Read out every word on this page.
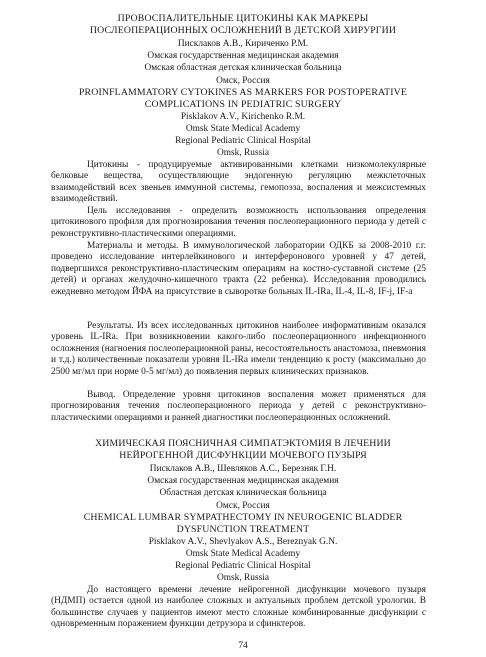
ПРОВОСПАЛИТЕЛЬНЫЕ ЦИТОКИНЫ КАК МАРКЕРЫ
ПОСЛЕОПЕРАЦИОННЫХ ОСЛОЖНЕНИЙ В ДЕТСКОЙ ХИРУРГИИ
Писклаков А.В., Кириченко Р.М.
Омская государственная медицинская академия
Омская областная детская клиническая больница
Омск, Россия
PROINFLAMMATORY CYTOKINES AS MARKERS FOR POSTOPERATIVE
COMPLICATIONS IN PEDIATRIC SURGERY
Pisklakov A.V., Kirichenko R.M.
Omsk State Medical Academy
Regional Pediatric Clinical Hospital
Omsk, Russia
Цитокины - продуцируемые активированными клетками низкомолекулярные белковые вещества, осуществляющие эндогенную регуляцию межклеточных взаимодействий всех звеньев иммунной системы, гемопоэза, воспаления и межсистемных взаимодействий.
Цель исследования - определить возможность использования определения цитокинового профиля для прогнозирования течения послеоперационного периода у детей с реконструктивно-пластическими операциями.
Материалы и методы. В иммунологической лаборатории ОДКБ за 2008-2010 г.г. проведено исследование интерлейкинового и интерферонового уровней у 47 детей, подвергшихся реконструктивно-пластическим операциям на костно-суставной системе (25 детей) и органах желудочно-кишечного тракта (22 ребенка). Исследования проводились ежедневно методом ЙФА на присутствие в сыворотке больных IL-IRa, IL-4, IL-8, IF-j, IF-a
Результаты. Из всех исследованных цитокинов наиболее информативным оказался уровень IL-IRa. При возникновении какого-либо послеоперационного инфекционного осложнения (нагноения послеоперационной раны, несостоятельность анастомоза, пневмония и т.д.) количественные показатели уровня IL-IRa имели тенденцию к росту (максимально до 2500 мг/мл при норме 0-5 мг/мл) до появления первых клинических признаков.
Вывод. Определение уровня цитокинов воспаления может применяться для прогнозирования течения послеоперационного периода у детей с реконструктивно-пластическими операциями и ранней диагностики послеоперационных осложнений.
ХИМИЧЕСКАЯ ПОЯСНИЧНАЯ СИМПАТЭКТОМИЯ В ЛЕЧЕНИИ
НЕЙРОГЕННОЙ ДИСФУНКЦИИ МОЧЕВОГО ПУЗЫРЯ
Писклаков А.В., Шевляков А.С., Березняк Г.Н.
Омская государственная медицинская академия
Областная детская клиническая больница
Омск, Россия
CHEMICAL LUMBAR SYMPATHECTOMY IN NEUROGENIC BLADDER
DYSFUNCTION TREATMENT
Pisklakov A.V., Shevlyakov A.S., Bereznyak G.N.
Omsk State Medical Academy
Regional Pediatric Clinical Hospital
Omsk, Russia
До настоящего времени лечение нейрогенной дисфункции мочевого пузыря (НДМП) остается одной из наиболее сложных и актуальных проблем детской урологии. В большинстве случаев у пациентов имеют место сложные комбинированные дисфункции с одновременным поражением функции детрузора и сфинктеров.
74
